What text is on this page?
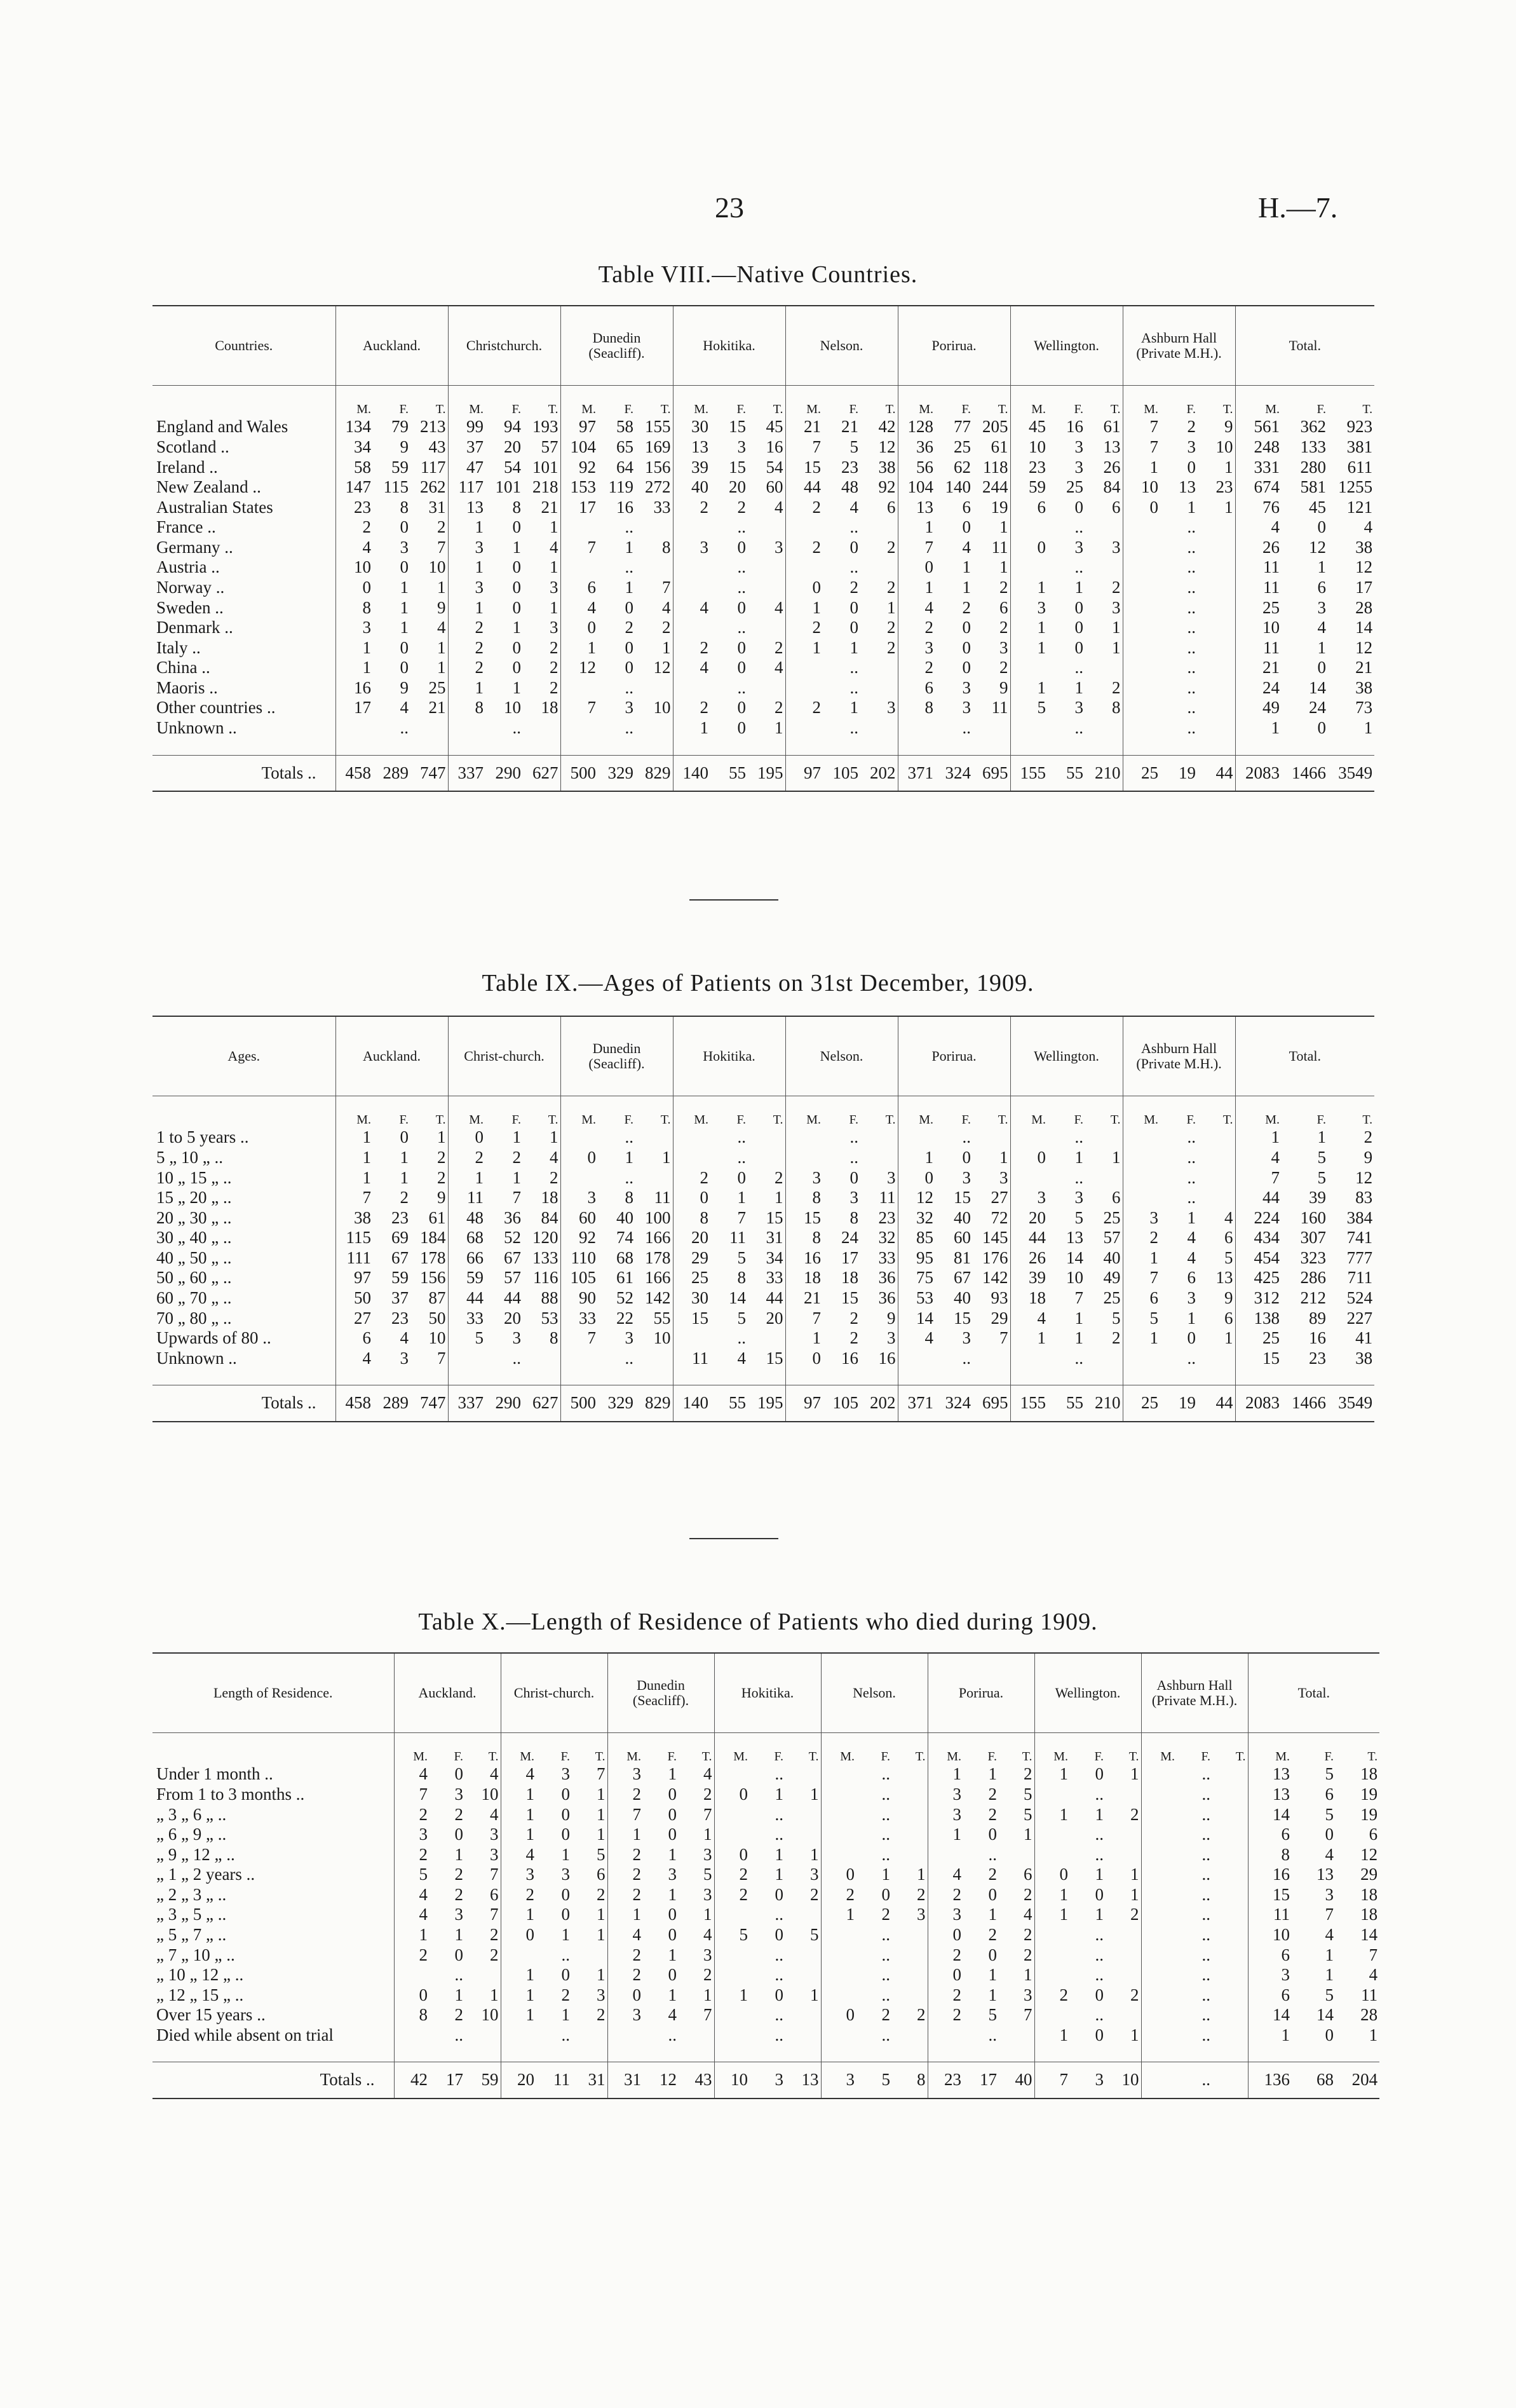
23	H.—7.
Table VIII.—Native Countries.
Countries.	Auckland.			Christchurch.			Dunedin (Seacliff).			Hokitika.			Nelson.			Porirua.			Wellington.			Ashburn Hall (Private M.H.).			Total.		
	M.	F.	T.	M.	F.	T.	M.	F.	T.	M.	F.	T.	M.	F.	T.	M.	F.	T.	M.	F.	T.	M.	F.	T.	M.	F.	T.
England and Wales	134	79	213	99	94	193	97	58	155	30	15	45	21	21	42	128	77	205	45	16	61	7	2	9	561	362	923
Scotland ..	34	9	43	37	20	57	104	65	169	13	3	16	7	5	12	36	25	61	10	3	13	7	3	10	248	133	381
Ireland ..	58	59	117	47	54	101	92	64	156	39	15	54	15	23	38	56	62	118	23	3	26	1	0	1	331	280	611
New Zealand ..	147	115	262	117	101	218	153	119	272	40	20	60	44	48	92	104	140	244	59	25	84	10	13	23	674	581	1255
Australian States	23	8	31	13	8	21	17	16	33	2	2	4	2	4	6	13	6	19	6	0	6	0	1	1	76	45	121
France ..	2	0	2	1	0	1		..			..			..		1	0	1		..			..		4	0	4
Germany ..	4	3	7	3	1	4	7	1	8	3	0	3	2	0	2	7	4	11	0	3	3		..		26	12	38
Austria ..	10	0	10	1	0	1		..			..			..		0	1	1		..			..		11	1	12
Norway ..	0	1	1	3	0	3	6	1	7		..		0	2	2	1	1	2	1	1	2		..		11	6	17
Sweden ..	8	1	9	1	0	1	4	0	4	4	0	4	1	0	1	4	2	6	3	0	3		..		25	3	28
Denmark ..	3	1	4	2	1	3	0	2	2		..		2	0	2	2	0	2	1	0	1		..		10	4	14
Italy ..	1	0	1	2	0	2	1	0	1	2	0	2	1	1	2	3	0	3	1	0	1		..		11	1	12
China ..	1	0	1	2	0	2	12	0	12	4	0	4		..		2	0	2		..			..		21	0	21
Maoris ..	16	9	25	1	1	2		..			..			..		6	3	9	1	1	2		..		24	14	38
Other countries ..	17	4	21	8	10	18	7	3	10	2	0	2	2	1	3	8	3	11	5	3	8		..		49	24	73
Unknown ..		..			..			..		1	0	1		..			..			..			..		1	0	1

Totals ..	458	289	747	337	290	627	500	329	829	140	55	195	97	105	202	371	324	695	155	55	210	25	19	44	2083	1466	3549
Table IX.—Ages of Patients on 31st December, 1909.
Ages.	Auckland.			Christ-church.			Dunedin (Seacliff).			Hokitika.			Nelson.			Porirua.			Wellington.			Ashburn Hall (Private M.H.).			Total.		
	M.	F.	T.	M.	F.	T.	M.	F.	T.	M.	F.	T.	M.	F.	T.	M.	F.	T.	M.	F.	T.	M.	F.	T.	M.	F.	T.
1 to 5 years ..	1	0	1	0	1	1		..			..			..			..			..			..		1	1	2
5 „ 10 „ ..	1	1	2	2	2	4	0	1	1		..			..		1	0	1	0	1	1		..		4	5	9
10 „ 15 „ ..	1	1	2	1	1	2		..		2	0	2	3	0	3	0	3	3		..			..		7	5	12
15 „ 20 „ ..	7	2	9	11	7	18	3	8	11	0	1	1	8	3	11	12	15	27	3	3	6		..		44	39	83
20 „ 30 „ ..	38	23	61	48	36	84	60	40	100	8	7	15	15	8	23	32	40	72	20	5	25	3	1	4	224	160	384
30 „ 40 „ ..	115	69	184	68	52	120	92	74	166	20	11	31	8	24	32	85	60	145	44	13	57	2	4	6	434	307	741
40 „ 50 „ ..	111	67	178	66	67	133	110	68	178	29	5	34	16	17	33	95	81	176	26	14	40	1	4	5	454	323	777
50 „ 60 „ ..	97	59	156	59	57	116	105	61	166	25	8	33	18	18	36	75	67	142	39	10	49	7	6	13	425	286	711
60 „ 70 „ ..	50	37	87	44	44	88	90	52	142	30	14	44	21	15	36	53	40	93	18	7	25	6	3	9	312	212	524
70 „ 80 „ ..	27	23	50	33	20	53	33	22	55	15	5	20	7	2	9	14	15	29	4	1	5	5	1	6	138	89	227
Upwards of 80 ..	6	4	10	5	3	8	7	3	10		..		1	2	3	4	3	7	1	1	2	1	0	1	25	16	41
Unknown ..	4	3	7		..			..		11	4	15	0	16	16		..			..			..		15	23	38

Totals ..	458	289	747	337	290	627	500	329	829	140	55	195	97	105	202	371	324	695	155	55	210	25	19	44	2083	1466	3549
Table X.—Length of Residence of Patients who died during 1909.
Length of Residence.	Auckland.			Christ-church.			Dunedin (Seacliff).			Hokitika.			Nelson.			Porirua.			Wellington.			Ashburn Hall (Private M.H.).			Total.		
	M.	F.	T.	M.	F.	T.	M.	F.	T.	M.	F.	T.	M.	F.	T.	M.	F.	T.	M.	F.	T.	M.	F.	T.	M.	F.	T.
Under 1 month ..	4	0	4	4	3	7	3	1	4		..			..		1	1	2	1	0	1		..		13	5	18
From 1 to 3 months ..	7	3	10	1	0	1	2	0	2	0	1	1		..		3	2	5		..			..		13	6	19
„ 3 „ 6 „ ..	2	2	4	1	0	1	7	0	7		..			..		3	2	5	1	1	2		..		14	5	19
„ 6 „ 9 „ ..	3	0	3	1	0	1	1	0	1		..			..		1	0	1		..			..		6	0	6
„ 9 „ 12 „ ..	2	1	3	4	1	5	2	1	3	0	1	1		..			..			..			..		8	4	12
„ 1 „ 2 years ..	5	2	7	3	3	6	2	3	5	2	1	3	0	1	1	4	2	6	0	1	1		..		16	13	29
„ 2 „ 3 „ ..	4	2	6	2	0	2	2	1	3	2	0	2	2	0	2	2	0	2	1	0	1		..		15	3	18
„ 3 „ 5 „ ..	4	3	7	1	0	1	1	0	1		..		1	2	3	3	1	4	1	1	2		..		11	7	18
„ 5 „ 7 „ ..	1	1	2	0	1	1	4	0	4	5	0	5		..		0	2	2		..			..		10	4	14
„ 7 „ 10 „ ..	2	0	2		..		2	1	3		..			..		2	0	2		..			..		6	1	7
„ 10 „ 12 „ ..		..		1	0	1	2	0	2		..			..		0	1	1		..			..		3	1	4
„ 12 „ 15 „ ..	0	1	1	1	2	3	0	1	1	1	0	1		..		2	1	3	2	0	2		..		6	5	11
Over 15 years ..	8	2	10	1	1	2	3	4	7		..		0	2	2	2	5	7		..			..		14	14	28
Died while absent on trial		..			..			..			..			..			..		1	0	1		..		1	0	1

Totals ..	42	17	59	20	11	31	31	12	43	10	3	13	3	5	8	23	17	40	7	3	10		..		136	68	204
